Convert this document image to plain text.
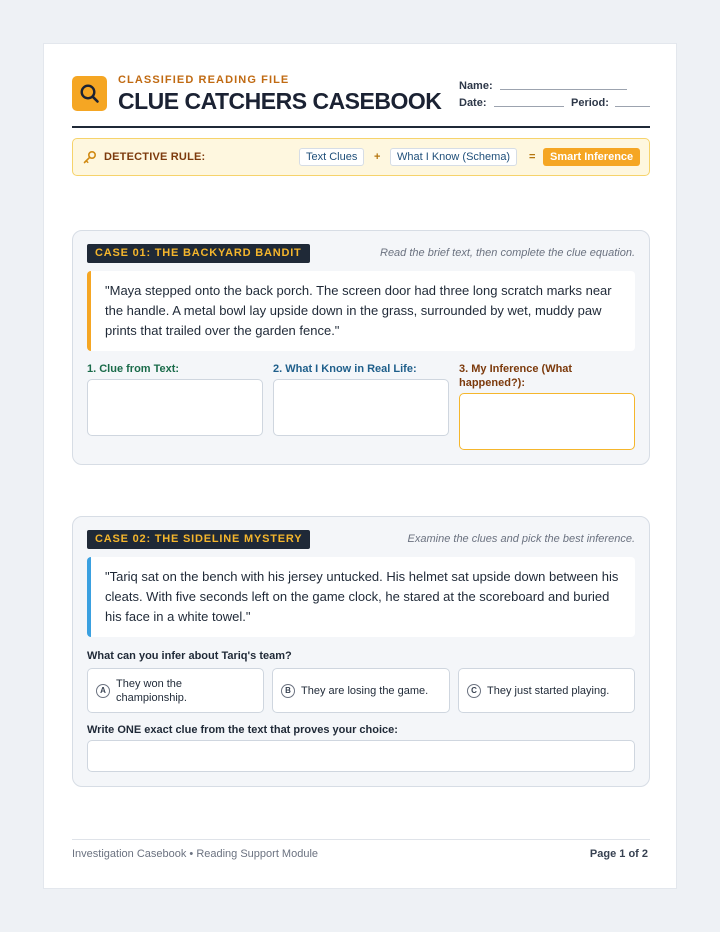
CLASSIFIED READING FILE
CLUE CATCHERS CASEBOOK
Name:
Date:	Period:
DETECTIVE RULE:	Text Clues	+	What I Know (Schema)	=	Smart Inference
CASE 01: THE BACKYARD BANDIT	Read the brief text, then complete the clue equation.
"Maya stepped onto the back porch. The screen door had three long scratch marks near the handle. A metal bowl lay upside down in the grass, surrounded by wet, muddy paw prints that trailed over the garden fence."
1. Clue from Text:	2. What I Know in Real Life:	3. My Inference (What happened?):
CASE 02: THE SIDELINE MYSTERY	Examine the clues and pick the best inference.
"Tariq sat on the bench with his jersey untucked. His helmet sat upside down between his cleats. With five seconds left on the game clock, he stared at the scoreboard and buried his face in a white towel."
What can you infer about Tariq's team?
A
They won the championship.
B They are losing the game.	C They just started playing.
Write ONE exact clue from the text that proves your choice:
Investigation Casebook • Reading Support Module	Page 1 of 2
